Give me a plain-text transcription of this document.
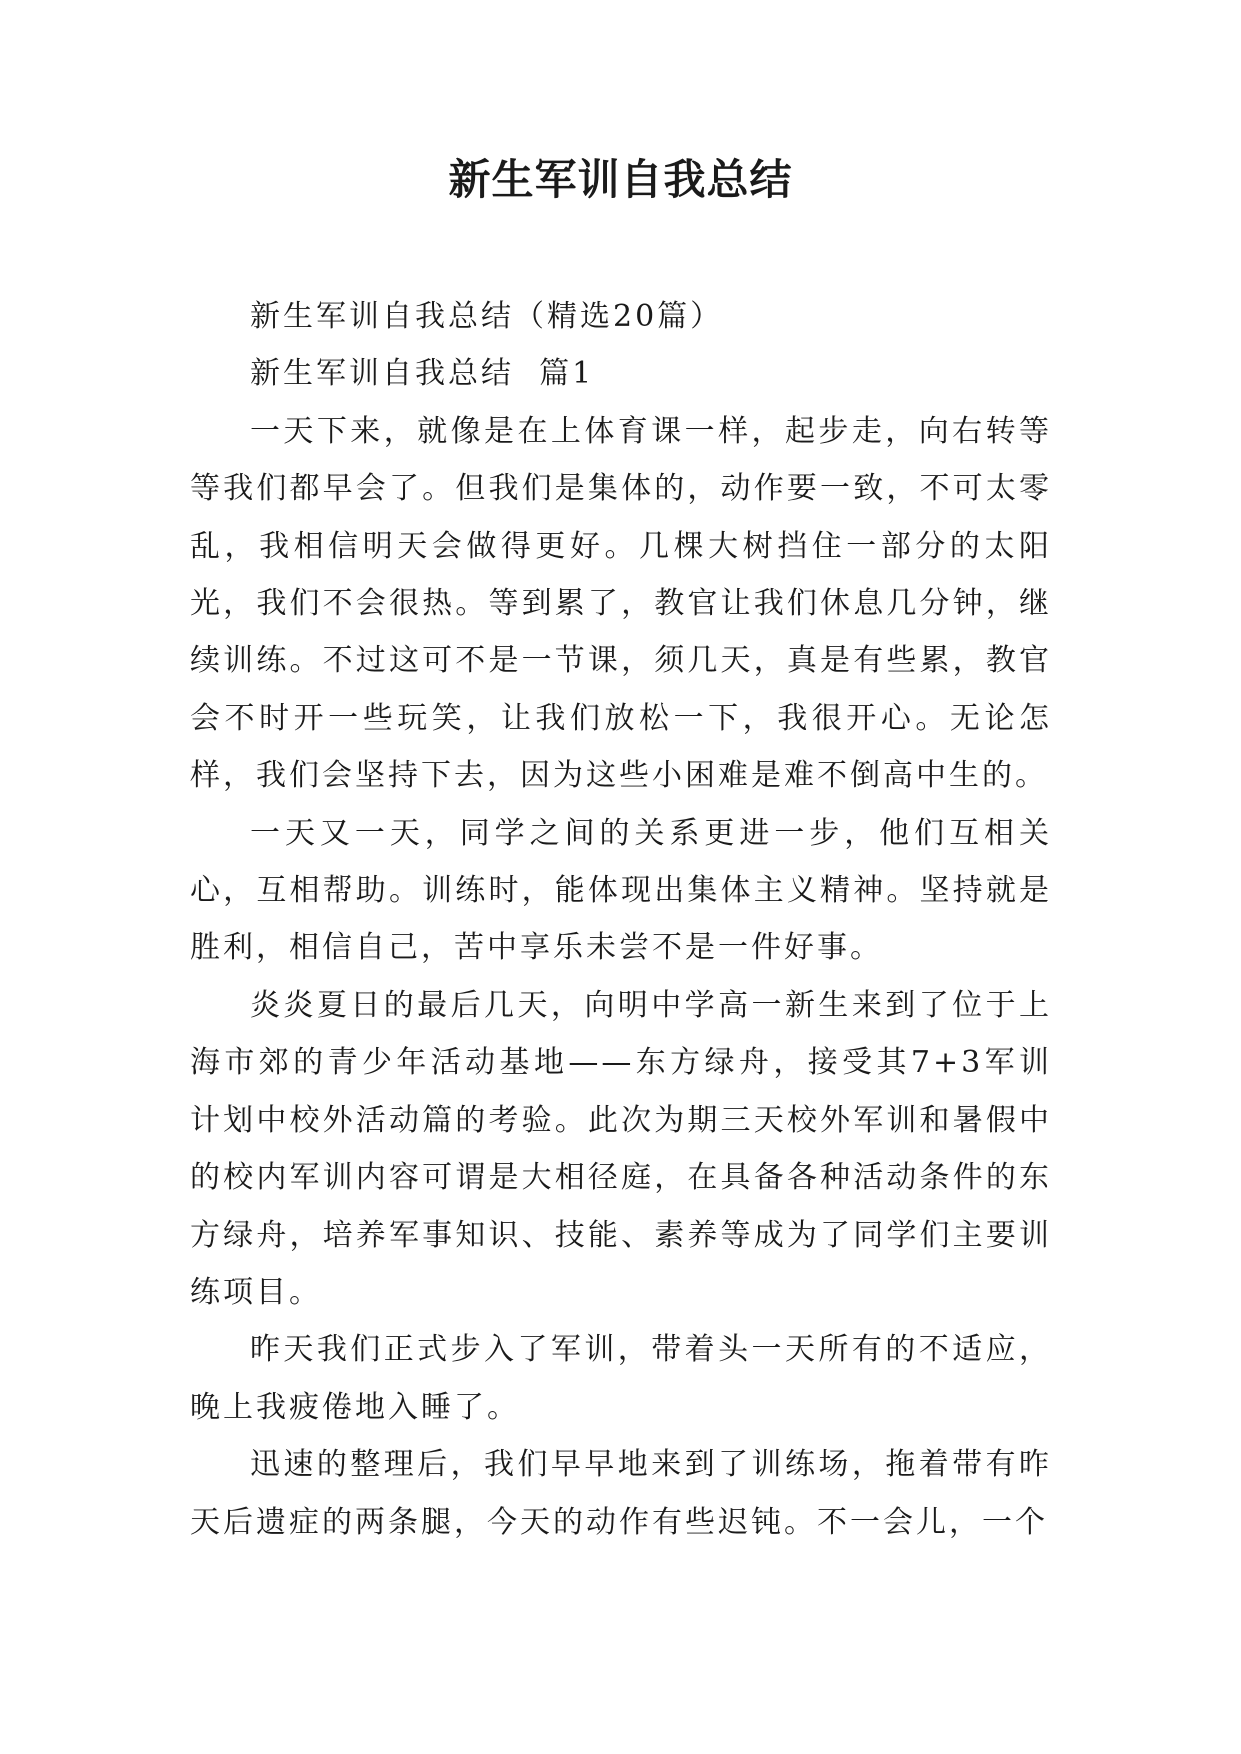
新生军训自我总结

新生军训自我总结（精选20篇）

新生军训自我总结  篇1

一天下来，就像是在上体育课一样，起步走，向右转等等我们都早会了。但我们是集体的，动作要一致，不可太零乱，我相信明天会做得更好。几棵大树挡住一部分的太阳光，我们不会很热。等到累了，教官让我们休息几分钟，继续训练。不过这可不是一节课，须几天，真是有些累，教官会不时开一些玩笑，让我们放松一下，我很开心。无论怎样，我们会坚持下去，因为这些小困难是难不倒高中生的。

一天又一天，同学之间的关系更进一步，他们互相关心，互相帮助。训练时，能体现出集体主义精神。坚持就是胜利，相信自己，苦中享乐未尝不是一件好事。

炎炎夏日的最后几天，向明中学高一新生来到了位于上海市郊的青少年活动基地——东方绿舟，接受其7+3军训计划中校外活动篇的考验。此次为期三天校外军训和暑假中的校内军训内容可谓是大相径庭，在具备各种活动条件的东方绿舟，培养军事知识、技能、素养等成为了同学们主要训练项目。

昨天我们正式步入了军训，带着头一天所有的不适应，晚上我疲倦地入睡了。

迅速的整理后，我们早早地来到了训练场，拖着带有昨天后遗症的两条腿，今天的动作有些迟钝。不一会儿，一个
